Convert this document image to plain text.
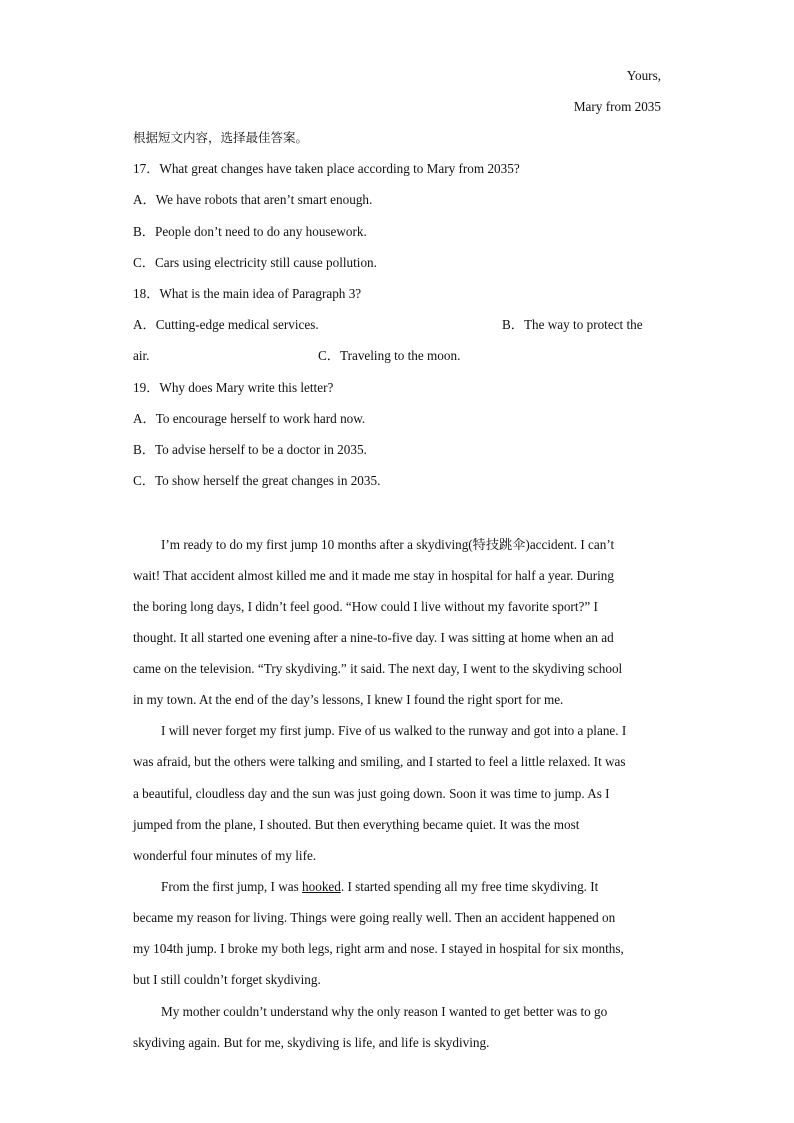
Yours,
Mary from 2035
根据短文内容，选择最佳答案。
17．What great changes have taken place according to Mary from 2035?
A．We have robots that aren’t smart enough.
B．People don’t need to do any housework.
C．Cars using electricity still cause pollution.
18．What is the main idea of Paragraph 3?
A．Cutting-edge medical services.	B．The way to protect the
air.	C．Traveling to the moon.
19．Why does Mary write this letter?
A．To encourage herself to work hard now.
B．To advise herself to be a doctor in 2035.
C．To show herself the great changes in 2035.
I’m ready to do my first jump 10 months after a skydiving(特技跳伞)accident. I can’t
wait! That accident almost killed me and it made me stay in hospital for half a year. During
the boring long days, I didn’t feel good. “How could I live without my favorite sport?” I
thought. It all started one evening after a nine-to-five day. I was sitting at home when an ad
came on the television. “Try skydiving.” it said. The next day, I went to the skydiving school
in my town. At the end of the day’s lessons, I knew I found the right sport for me.
I will never forget my first jump. Five of us walked to the runway and got into a plane. I
was afraid, but the others were talking and smiling, and I started to feel a little relaxed. It was
a beautiful, cloudless day and the sun was just going down. Soon it was time to jump. As I
jumped from the plane, I shouted. But then everything became quiet. It was the most
wonderful four minutes of my life.
From the first jump, I was hooked. I started spending all my free time skydiving. It
became my reason for living. Things were going really well. Then an accident happened on
my 104th jump. I broke my both legs, right arm and nose. I stayed in hospital for six months,
but I still couldn’t forget skydiving.
My mother couldn’t understand why the only reason I wanted to get better was to go
skydiving again. But for me, skydiving is life, and life is skydiving.
